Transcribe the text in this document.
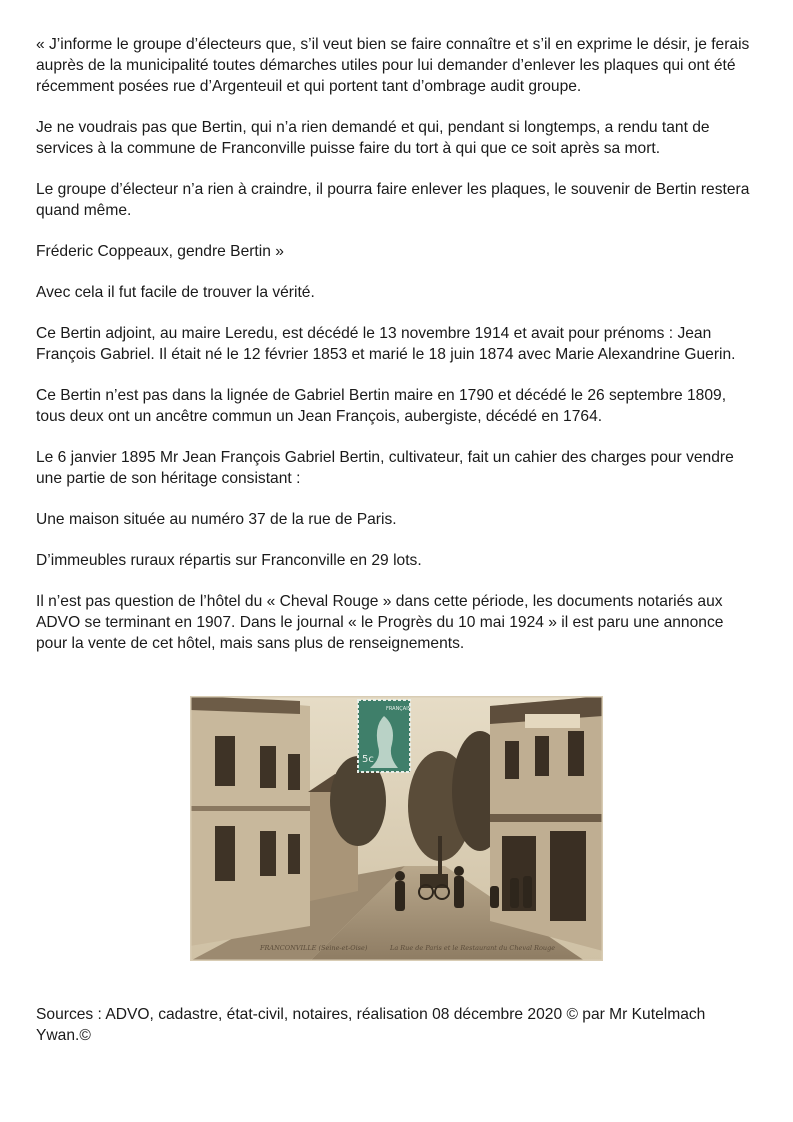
« J’informe le groupe d’électeurs que, s’il veut bien se faire connaître et s’il en exprime le désir, je ferais auprès de la municipalité toutes démarches utiles pour lui demander d’enlever les plaques qui ont été récemment posées rue d’Argenteuil et qui portent tant d’ombrage audit groupe.

Je ne voudrais pas que Bertin, qui n’a rien demandé et qui, pendant si longtemps, a rendu tant de services à la commune de Franconville puisse faire du tort à qui que ce soit après sa mort.

Le groupe d’électeur n’a rien à craindre, il pourra faire enlever les plaques, le souvenir de Bertin restera quand même.

Fréderic Coppeaux, gendre Bertin »

Avec cela il fut facile de trouver la vérité.

Ce Bertin adjoint, au maire Leredu, est décédé le 13 novembre 1914 et avait pour prénoms : Jean François Gabriel. Il était né le 12 février 1853 et marié le 18 juin 1874 avec Marie Alexandrine Guerin.

Ce Bertin n’est pas dans la lignée de Gabriel Bertin maire en 1790 et décédé le 26 septembre 1809, tous deux ont un ancêtre commun un Jean François, aubergiste, décédé en 1764.

Le 6 janvier 1895 Mr Jean François Gabriel Bertin, cultivateur, fait un cahier des charges pour vendre une partie de son héritage consistant :

Une maison située au numéro 37 de la rue de Paris.

D’immeubles ruraux répartis sur Franconville en 29 lots.

Il n’est pas question de l’hôtel du « Cheval Rouge » dans cette période, les documents notariés aux ADVO se terminant en 1907. Dans le journal « le Progrès du 10 mai 1924 » il est paru une annonce pour la vente de cet hôtel, mais sans plus de renseignements.

5c
FRANÇAIS
FRANCONVILLE (Seine-et-Oise)	La Rue de Paris et le Restaurant du Cheval Rouge

Sources : ADVO, cadastre, état-civil, notaires, réalisation 08 décembre 2020 © par Mr Kutelmach Ywan.©
